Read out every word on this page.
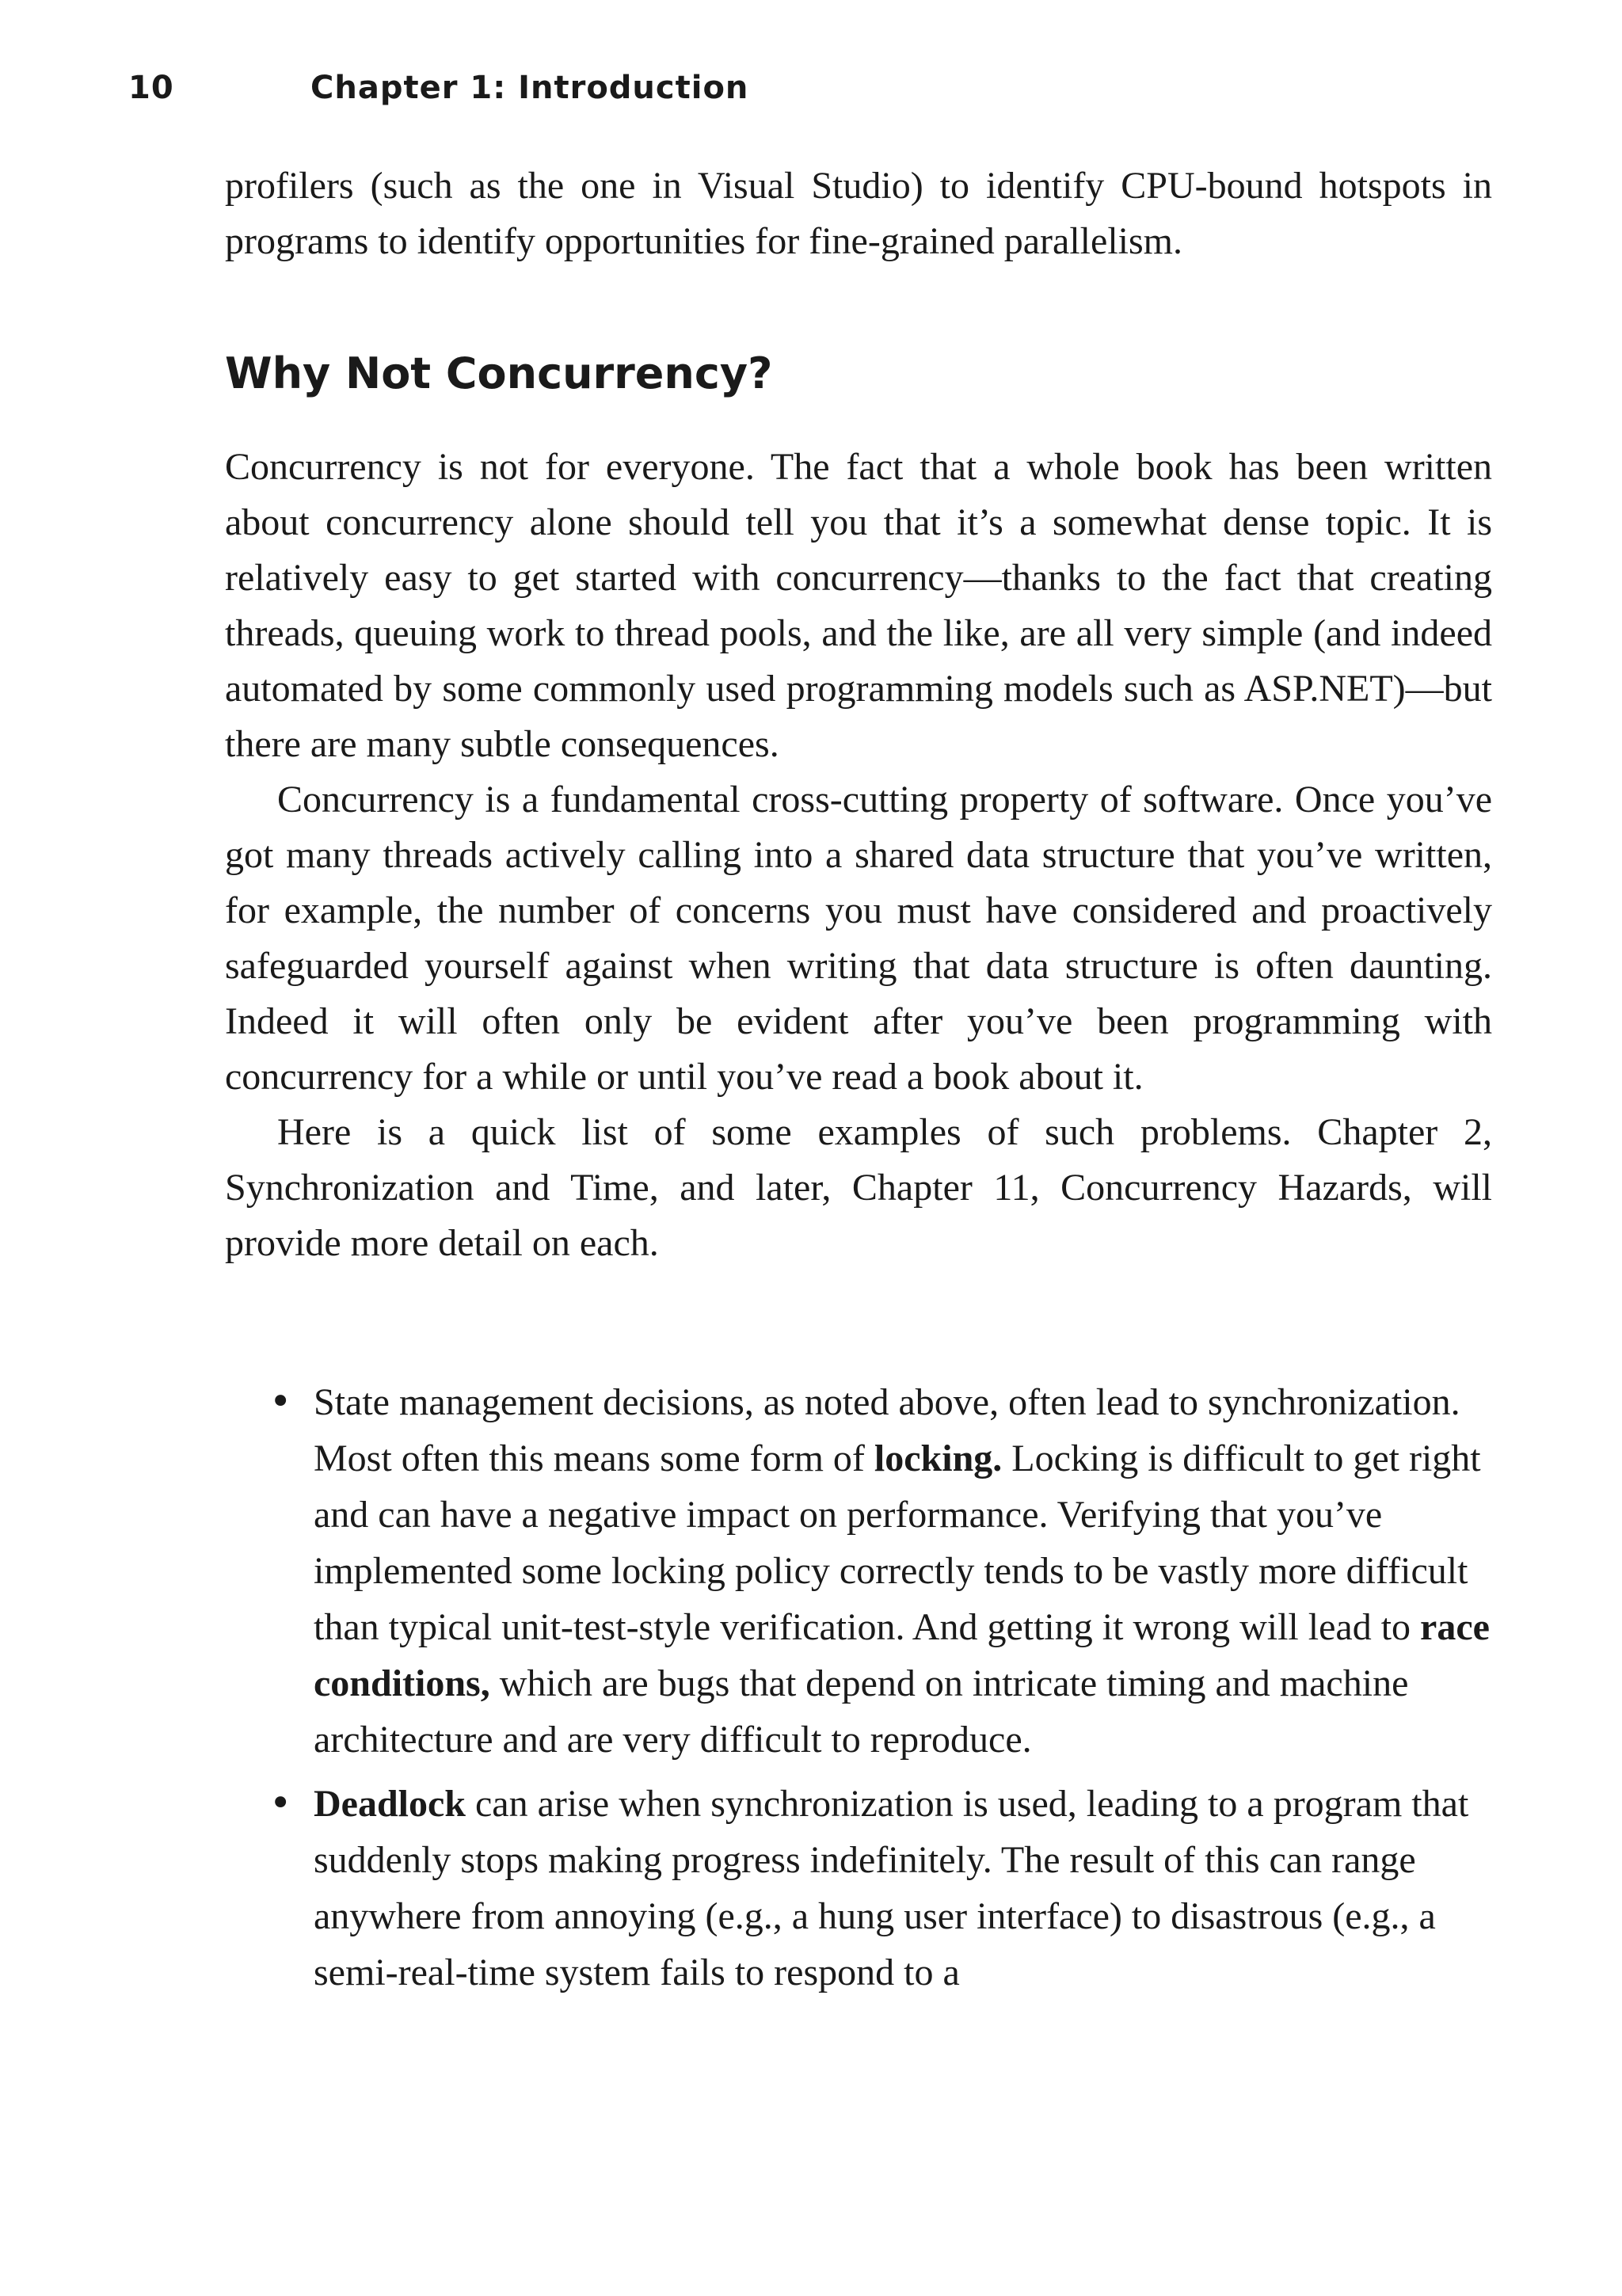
10	Chapter 1: Introduction

profilers (such as the one in Visual Studio) to identify CPU-bound hotspots in programs to identify opportunities for fine-grained parallelism.

Why Not Concurrency?

Concurrency is not for everyone. The fact that a whole book has been written about concurrency alone should tell you that it’s a somewhat dense topic. It is relatively easy to get started with concurrency—thanks to the fact that creating threads, queuing work to thread pools, and the like, are all very simple (and indeed automated by some commonly used programming models such as ASP.NET)—but there are many subtle consequences.

Concurrency is a fundamental cross-cutting property of software. Once you’ve got many threads actively calling into a shared data structure that you’ve written, for example, the number of concerns you must have considered and proactively safeguarded yourself against when writing that data structure is often daunting. Indeed it will often only be evident after you’ve been programming with concurrency for a while or until you’ve read a book about it.

Here is a quick list of some examples of such problems. Chapter 2, Synchronization and Time, and later, Chapter 11, Concurrency Hazards, will provide more detail on each.

• State management decisions, as noted above, often lead to synchronization. Most often this means some form of locking. Locking is difficult to get right and can have a negative impact on performance. Verifying that you’ve implemented some locking policy correctly tends to be vastly more difficult than typical unit-test-style verification. And getting it wrong will lead to race conditions, which are bugs that depend on intricate timing and machine architecture and are very difficult to reproduce.
• Deadlock can arise when synchronization is used, leading to a program that suddenly stops making progress indefinitely. The result of this can range anywhere from annoying (e.g., a hung user interface) to disastrous (e.g., a semi-real-time system fails to respond to a
